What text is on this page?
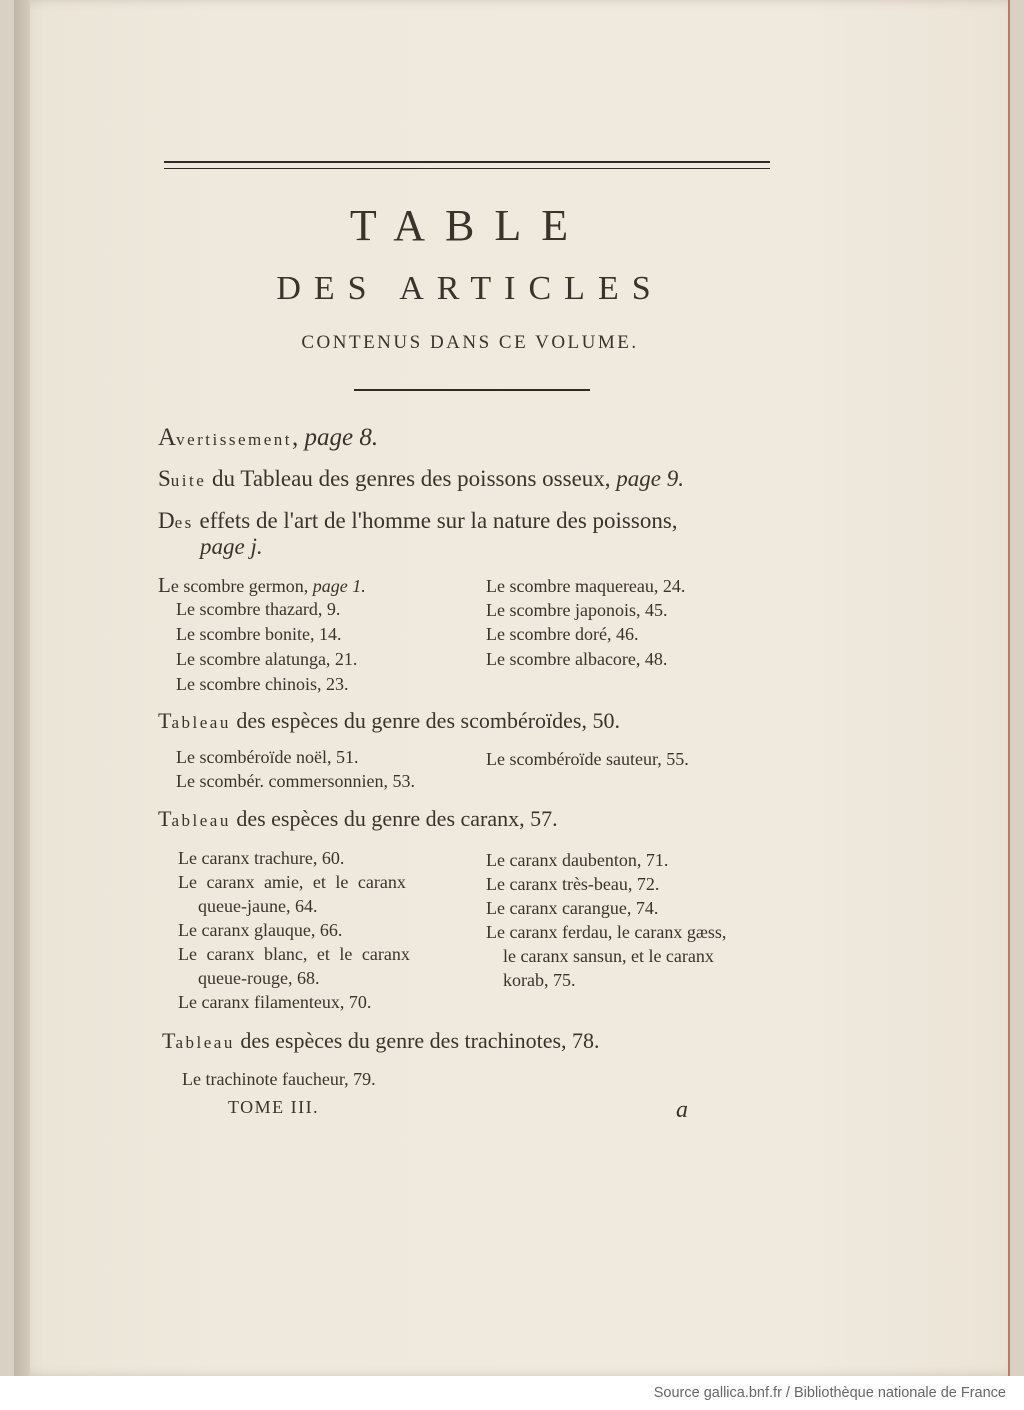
TABLE
DES ARTICLES
CONTENUS DANS CE VOLUME.
Avertissement, page 8.
Suite du Tableau des genres des poissons osseux, page 9.
Des effets de l'art de l'homme sur la nature des poissons,
page j.
Le scombre germon, page 1.
Le scombre thazard, 9.
Le scombre bonite, 14.
Le scombre alatunga, 21.
Le scombre chinois, 23.
Le scombre maquereau, 24.
Le scombre japonois, 45.
Le scombre doré, 46.
Le scombre albacore, 48.
Tableau des espèces du genre des scombéroïdes, 50.
Le scombéroïde noël, 51.
Le scombér. commersonnien, 53.
Le scombéroïde sauteur, 55.
Tableau des espèces du genre des caranx, 57.
Le caranx trachure, 60.
Le caranx amie, et le caranx
queue-jaune, 64.
Le caranx glauque, 66.
Le caranx blanc, et le caranx
queue-rouge, 68.
Le caranx filamenteux, 70.
Le caranx daubenton, 71.
Le caranx très-beau, 72.
Le caranx carangue, 74.
Le caranx ferdau, le caranx gæss,
le caranx sansun, et le caranx
korab, 75.
Tableau des espèces du genre des trachinotes, 78.
Le trachinote faucheur, 79.
TOME III.	a
Source gallica.bnf.fr / Bibliothèque nationale de France
